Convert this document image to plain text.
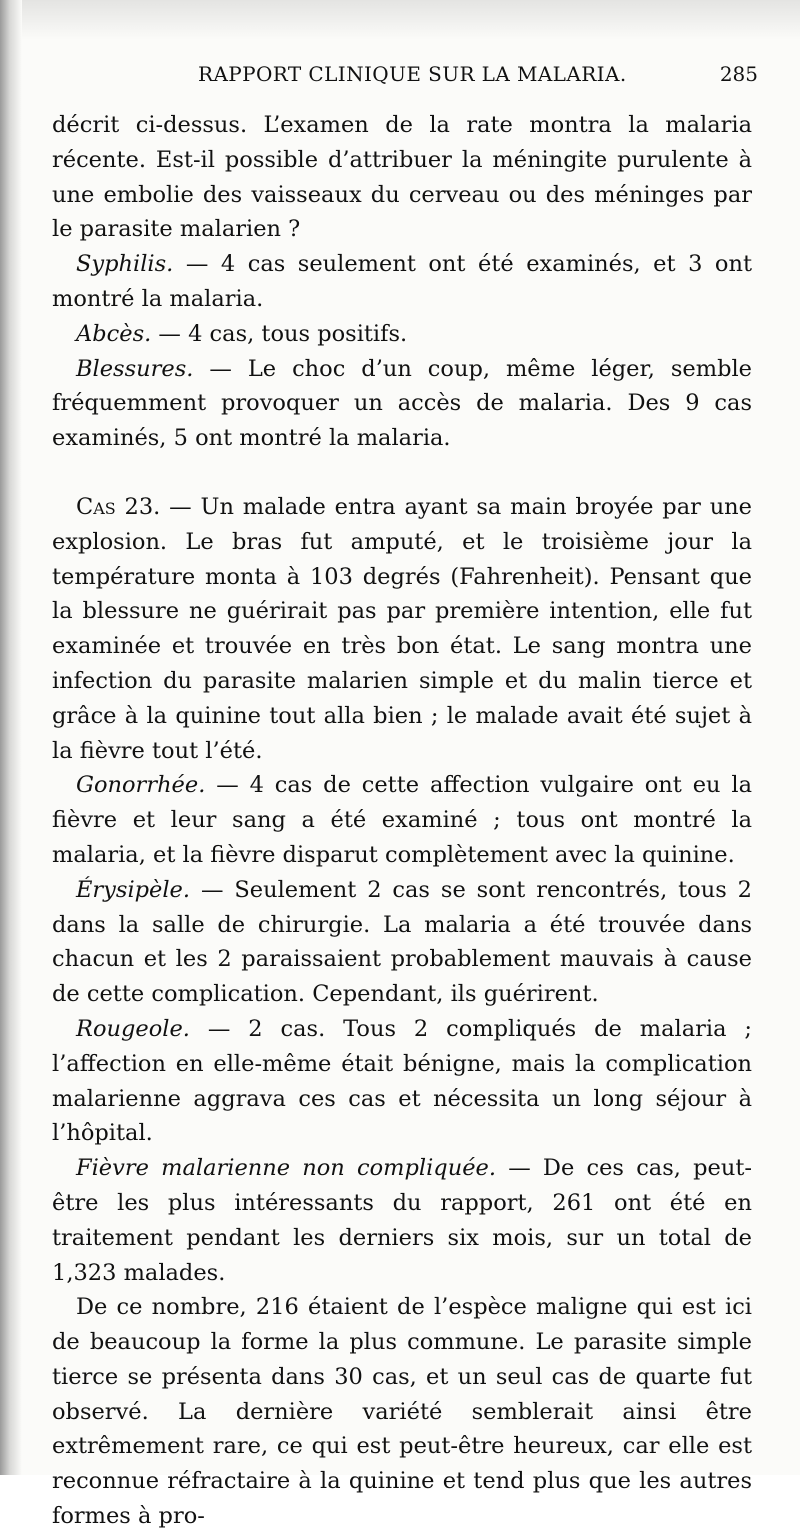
RAPPORT CLINIQUE SUR LA MALARIA.	285

décrit ci-dessus. L’examen de la rate montra la malaria récente. Est-il possible d’attribuer la méningite purulente à une embolie des vaisseaux du cerveau ou des méninges par le parasite malarien ?

Syphilis. — 4 cas seulement ont été examinés, et 3 ont montré la malaria.

Abcès. — 4 cas, tous positifs.

Blessures. — Le choc d’un coup, même léger, semble fréquemment provoquer un accès de malaria. Des 9 cas examinés, 5 ont montré la malaria.

Cas 23. — Un malade entra ayant sa main broyée par une explosion. Le bras fut amputé, et le troisième jour la température monta à 103 degrés (Fahrenheit). Pensant que la blessure ne guérirait pas par première intention, elle fut examinée et trouvée en très bon état. Le sang montra une infection du parasite malarien simple et du malin tierce et grâce à la quinine tout alla bien ; le malade avait été sujet à la fièvre tout l’été.

Gonorrhée. — 4 cas de cette affection vulgaire ont eu la fièvre et leur sang a été examiné ; tous ont montré la malaria, et la fièvre disparut complètement avec la quinine.

Érysipèle. — Seulement 2 cas se sont rencontrés, tous 2 dans la salle de chirurgie. La malaria a été trouvée dans chacun et les 2 paraissaient probablement mauvais à cause de cette complication. Cependant, ils guérirent.

Rougeole. — 2 cas. Tous 2 compliqués de malaria ; l’affection en elle-même était bénigne, mais la complication malarienne aggrava ces cas et nécessita un long séjour à l’hôpital.

Fièvre malarienne non compliquée. — De ces cas, peut-être les plus intéressants du rapport, 261 ont été en traitement pendant les derniers six mois, sur un total de 1,323 malades.

De ce nombre, 216 étaient de l’espèce maligne qui est ici de beaucoup la forme la plus commune. Le parasite simple tierce se présenta dans 30 cas, et un seul cas de quarte fut observé. La dernière variété semblerait ainsi être extrêmement rare, ce qui est peut-être heureux, car elle est reconnue réfractaire à la quinine et tend plus que les autres formes à pro-
